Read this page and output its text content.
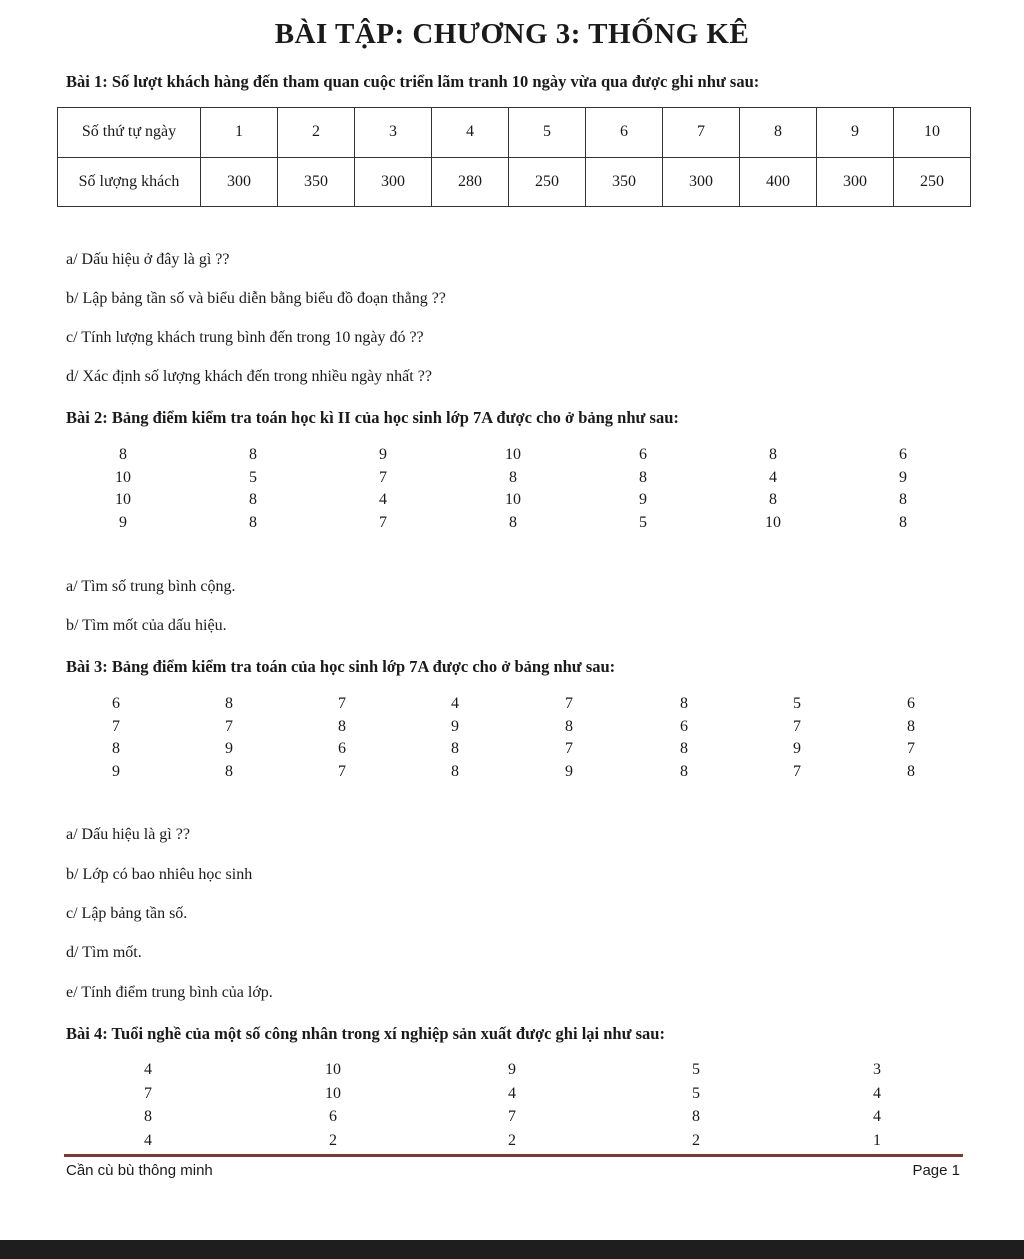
BÀI TẬP: CHƯƠNG 3: THỐNG KÊ
Bài 1: Số lượt khách hàng đến tham quan cuộc triển lãm tranh 10 ngày vừa qua được ghi như sau:
Số thứ tự ngày	1	2	3	4	5	6	7	8	9	10
Số lượng khách	300	350	300	280	250	350	300	400	300	250
a/ Dấu hiệu ở đây là gì ??
b/ Lập bảng tần số và biểu diễn bằng biểu đồ đoạn thẳng ??
c/ Tính lượng khách trung bình đến trong 10 ngày đó ??
d/ Xác định số lượng khách đến trong nhiều ngày nhất ??
Bài 2: Bảng điểm kiểm tra toán học kì II của học sinh lớp 7A được cho ở bảng như sau:
8	8	9	10	6	8	6
10	5	7	8	8	4	9
10	8	4	10	9	8	8
9	8	7	8	5	10	8
a/ Tìm số trung bình cộng.
b/ Tìm mốt của dấu hiệu.
Bài 3: Bảng điểm kiểm tra toán của học sinh lớp 7A được cho ở bảng như sau:
6	8	7	4	7	8	5	6
7	7	8	9	8	6	7	8
8	9	6	8	7	8	9	7
9	8	7	8	9	8	7	8
a/ Dấu hiệu là gì ??
b/ Lớp có bao nhiêu học sinh
c/ Lập bảng tần số.
d/ Tìm mốt.
e/ Tính điểm trung bình của lớp.
Bài 4: Tuổi nghề của một số công nhân trong xí nghiệp sản xuất được ghi lại như sau:
4	10	9	5	3
7	10	4	5	4
8	6	7	8	4
4	2	2	2	1
Cần cù bù thông minh	Page 1
